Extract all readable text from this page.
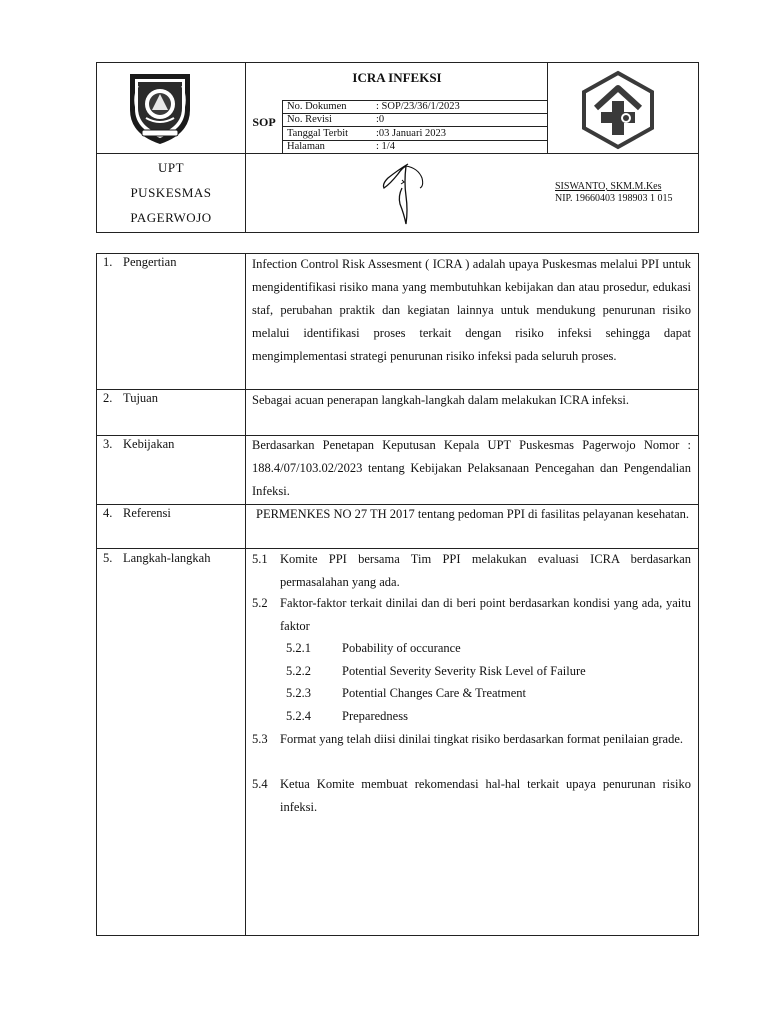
ICRA INFEKSI
SOP
No. Dokumen	: SOP/23/36/1/2023
No. Revisi	:0
Tanggal Terbit	:03 Januari 2023
Halaman	: 1/4
UPT
PUSKESMAS
PAGERWOJO
SISWANTO, SKM.M.Kes
NIP. 19660403 198903 1 015
1. Pengertian	Infection Control Risk Assesment ( ICRA ) adalah upaya Puskesmas melalui PPI untuk mengidentifikasi risiko mana yang membutuhkan kebijakan dan atau prosedur, edukasi staf, perubahan praktik dan kegiatan lainnya untuk mendukung penurunan risiko melalui identifikasi proses terkait dengan risiko infeksi sehingga dapat mengimplementasi strategi penurunan risiko infeksi pada seluruh proses.
2. Tujuan	Sebagai acuan penerapan langkah-langkah dalam melakukan ICRA infeksi.
3. Kebijakan	Berdasarkan Penetapan Keputusan Kepala UPT Puskesmas Pagerwojo Nomor : 188.4/07/103.02/2023 tentang Kebijakan Pelaksanaan Pencegahan dan Pengendalian Infeksi.
4. Referensi	PERMENKES NO 27 TH 2017 tentang pedoman PPI di fasilitas pelayanan kesehatan.
5. Langkah-langkah	5.1 Komite PPI bersama Tim PPI melakukan evaluasi ICRA berdasarkan permasalahan yang ada.
5.2 Faktor-faktor terkait dinilai dan di beri point berdasarkan kondisi yang ada, yaitu faktor
5.2.1 Pobability of occurance
5.2.2 Potential Severity Severity Risk Level of Failure
5.2.3 Potential Changes Care & Treatment
5.2.4 Preparedness
5.3 Format yang telah diisi dinilai tingkat risiko berdasarkan format penilaian grade.
5.4 Ketua Komite membuat rekomendasi hal-hal terkait upaya penurunan risiko infeksi.
